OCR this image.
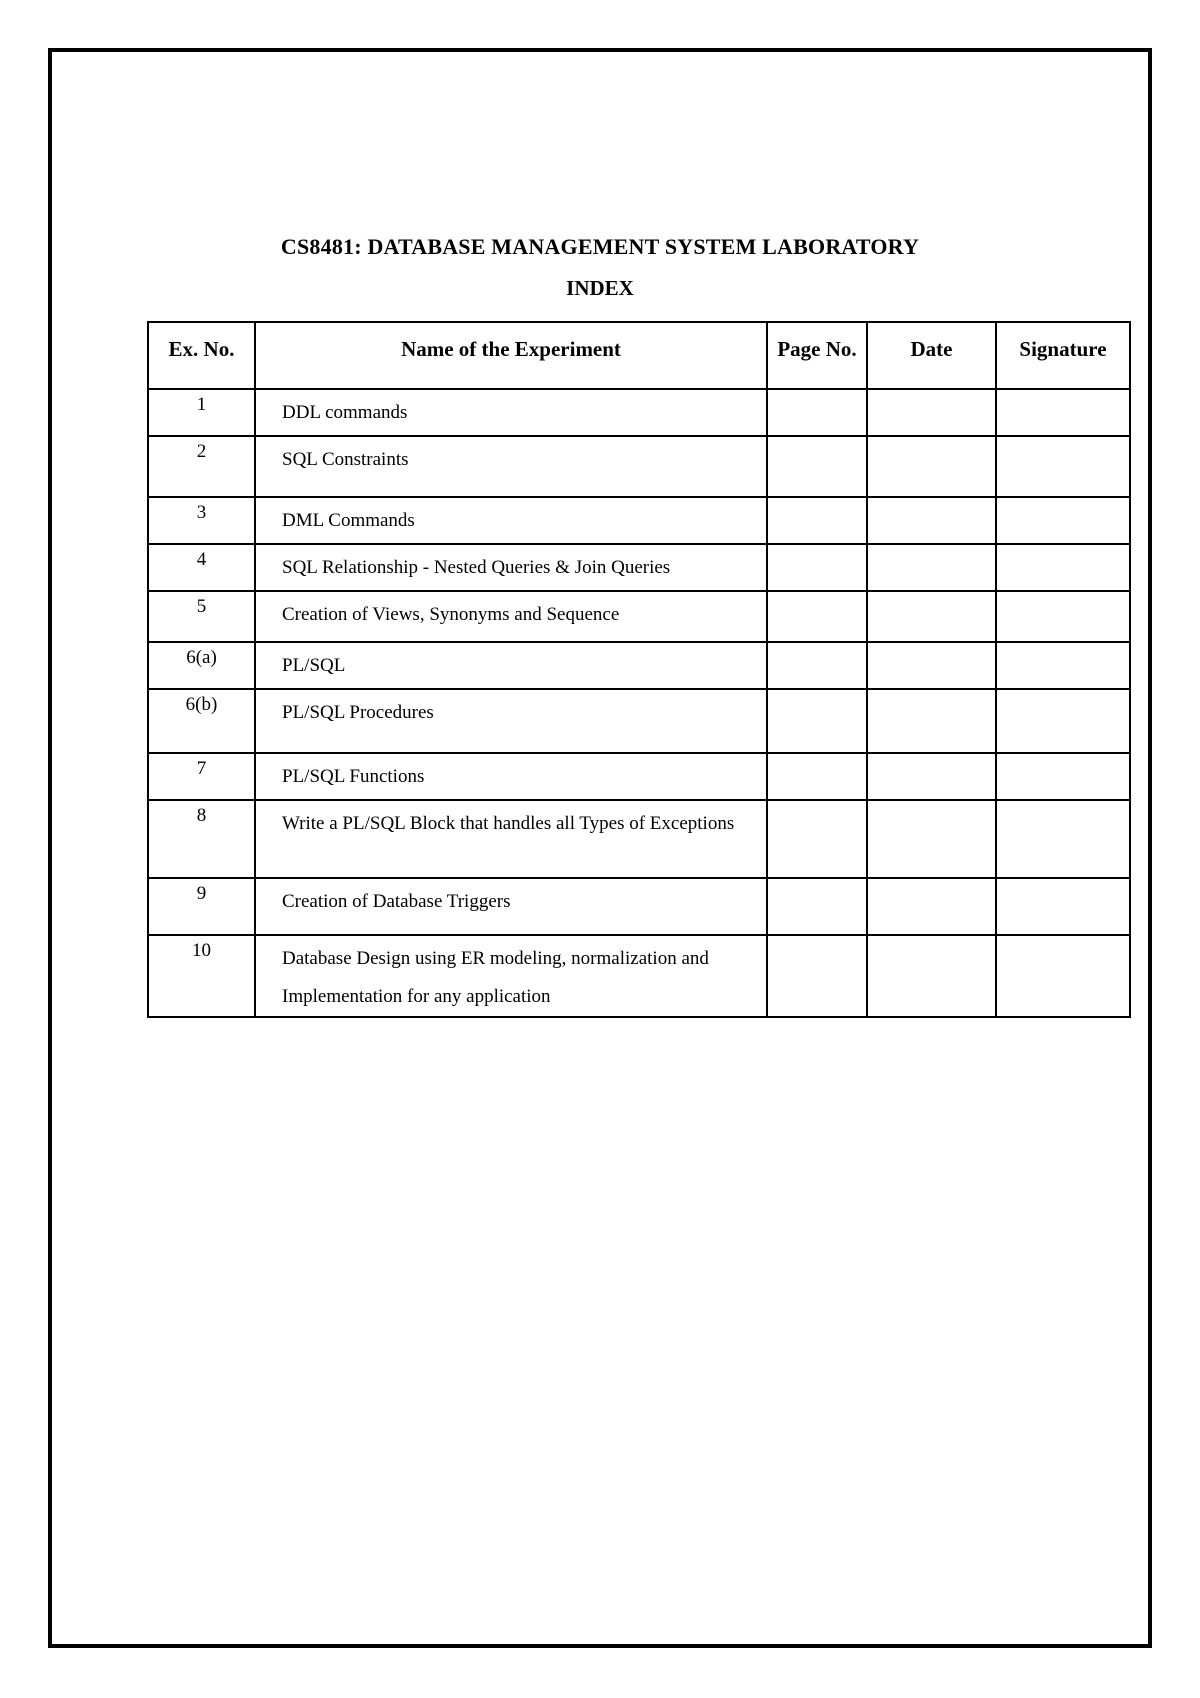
CS8481: DATABASE MANAGEMENT SYSTEM LABORATORY
INDEX
Ex. No.	Name of the Experiment	Page No.	Date	Signature
1	DDL commands			
2	SQL Constraints			
3	DML Commands			
4	SQL Relationship - Nested Queries & Join Queries			
5	Creation of Views, Synonyms and Sequence			
6(a)	PL/SQL			
6(b)	PL/SQL Procedures			
7	PL/SQL Functions			
8	Write a PL/SQL Block that handles all Types of Exceptions			
9	Creation of Database Triggers			
10	Database Design using ER modeling, normalization and Implementation for any application			
